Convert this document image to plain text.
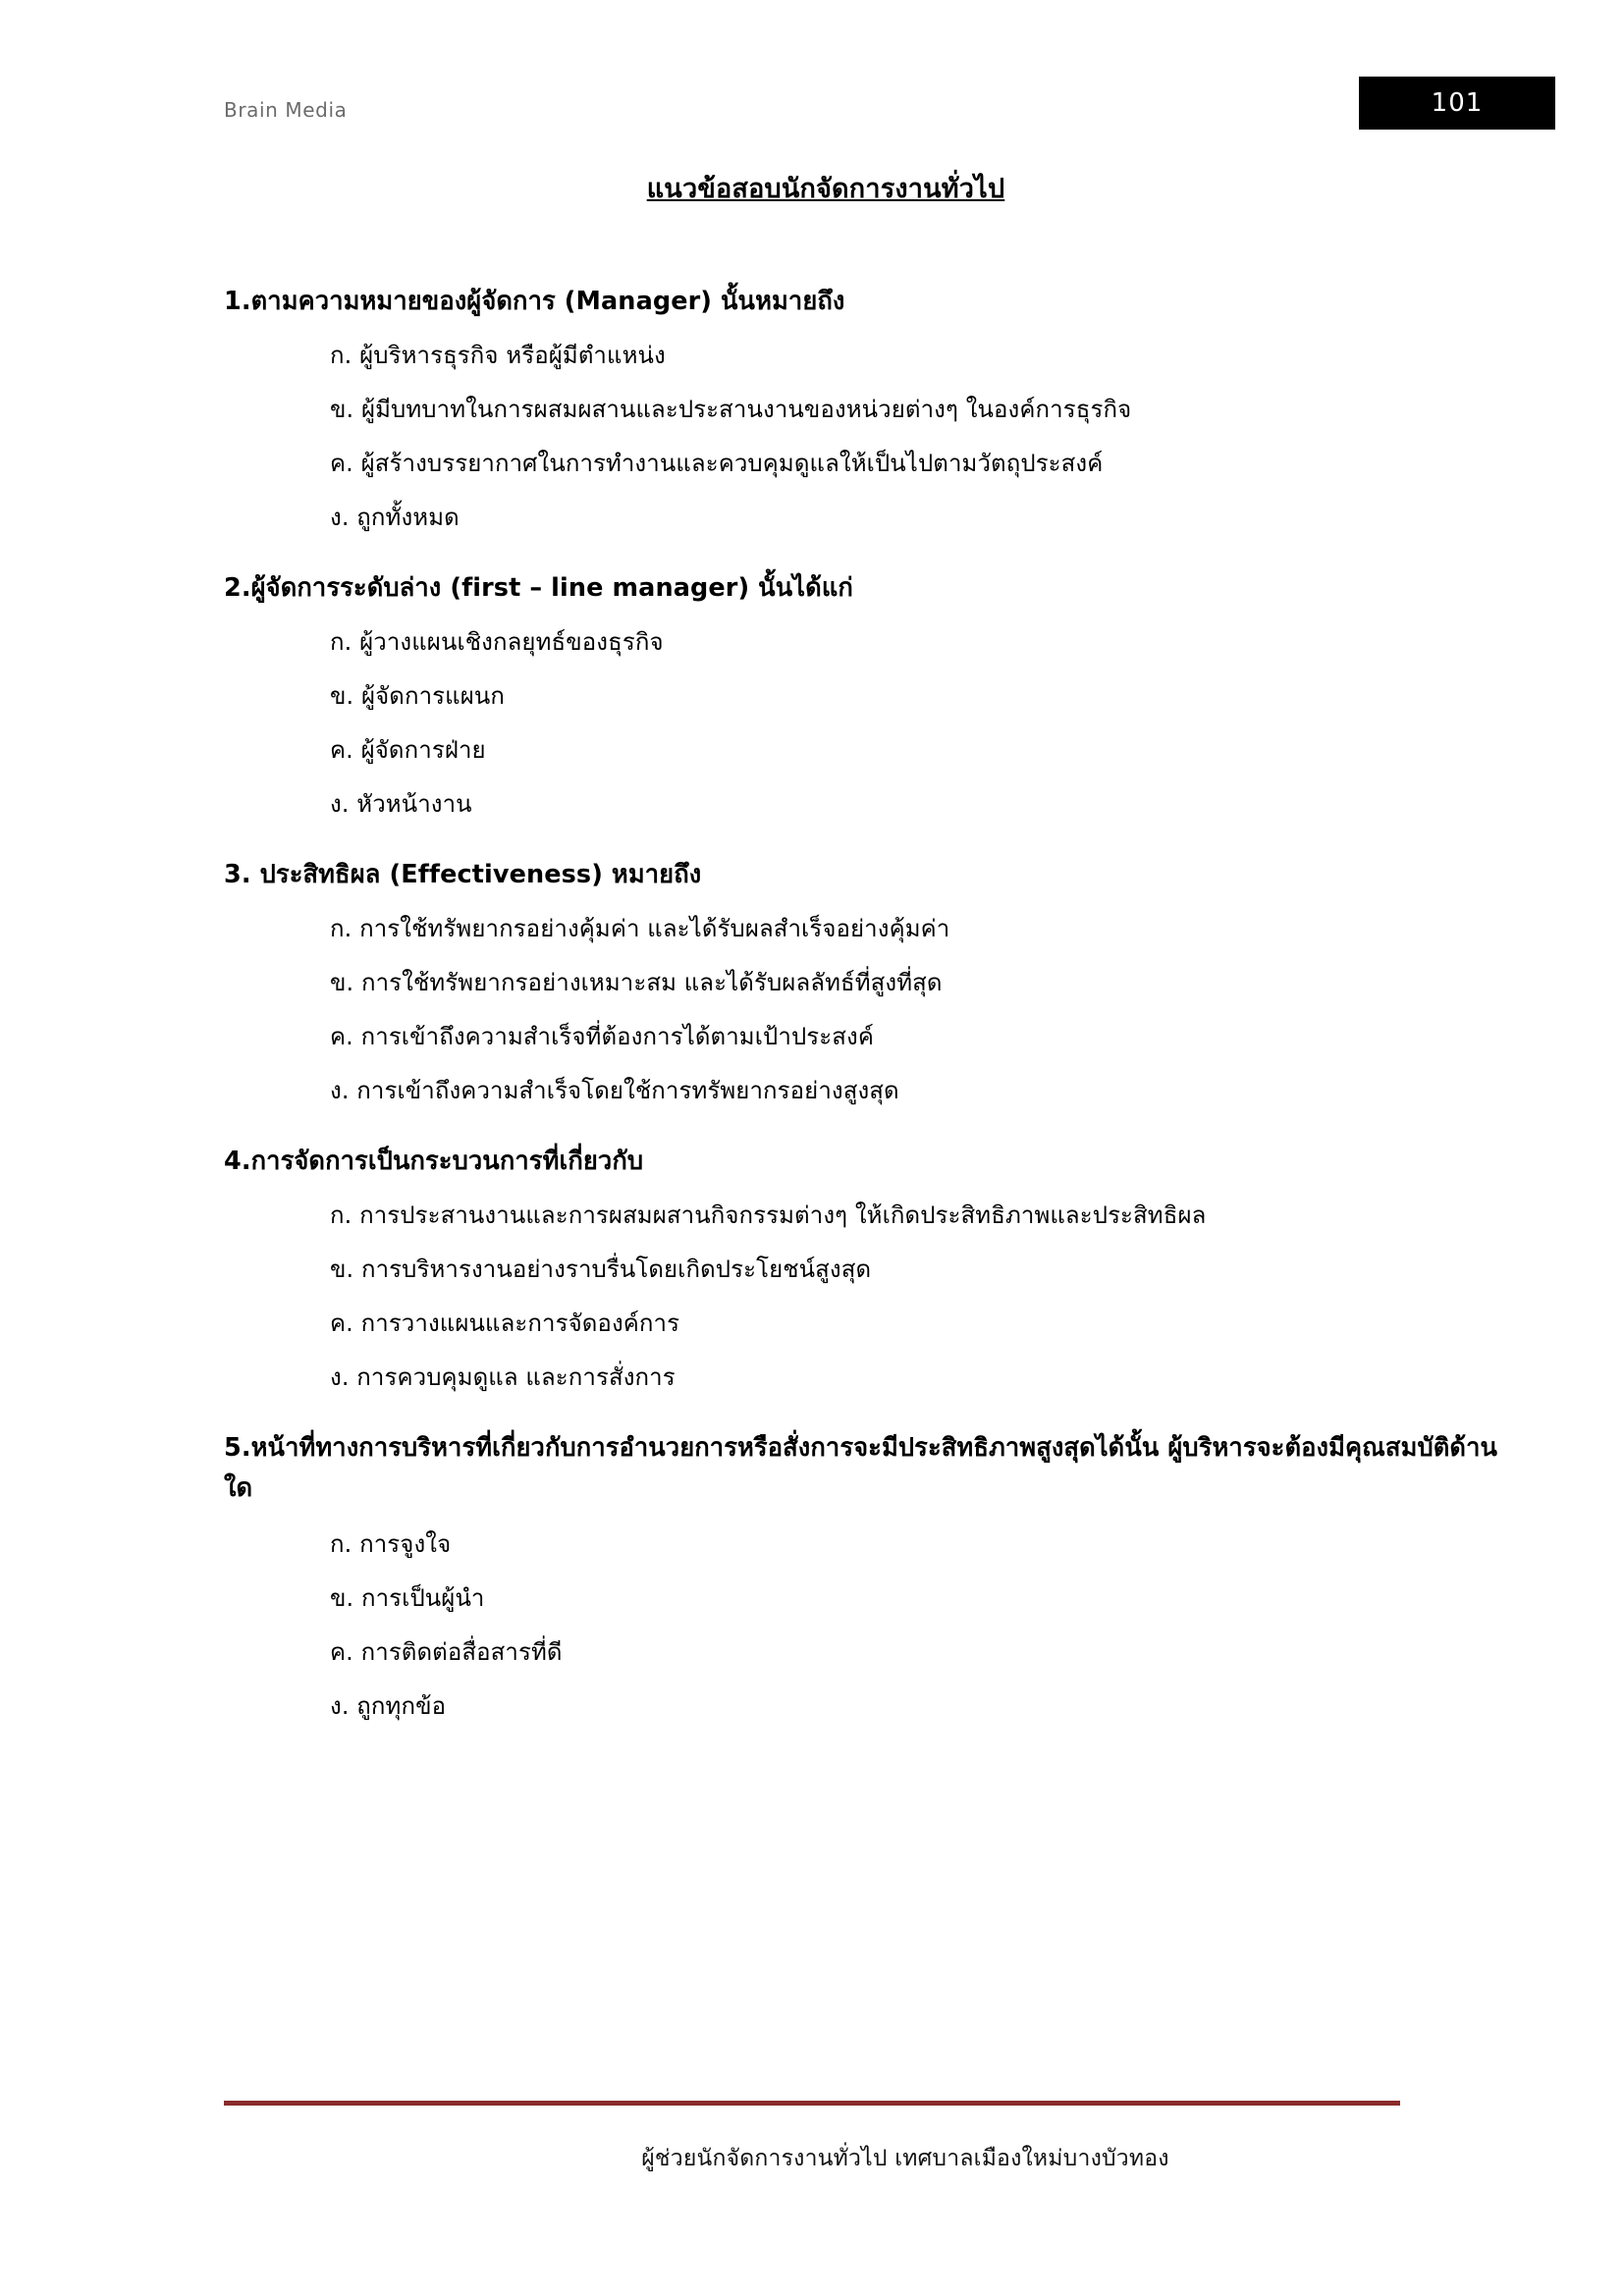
Brain Media	101
แนวข้อสอบนักจัดการงานทั่วไป

1.ตามความหมายของผู้จัดการ (Manager) นั้นหมายถึง

ก. ผู้บริหารธุรกิจ หรือผู้มีตำแหน่ง
ข. ผู้มีบทบาทในการผสมผสานและประสานงานของหน่วยต่างๆ ในองค์การธุรกิจ
ค. ผู้สร้างบรรยากาศในการทำงานและควบคุมดูแลให้เป็นไปตามวัตถุประสงค์
ง. ถูกทั้งหมด

2.ผู้จัดการระดับล่าง (first – line manager) นั้นได้แก่

ก. ผู้วางแผนเชิงกลยุทธ์ของธุรกิจ
ข. ผู้จัดการแผนก
ค. ผู้จัดการฝ่าย
ง. หัวหน้างาน

3. ประสิทธิผล (Effectiveness) หมายถึง

ก. การใช้ทรัพยากรอย่างคุ้มค่า และได้รับผลสำเร็จอย่างคุ้มค่า
ข. การใช้ทรัพยากรอย่างเหมาะสม และได้รับผลลัทธ์ที่สูงที่สุด
ค. การเข้าถึงความสำเร็จที่ต้องการได้ตามเป้าประสงค์
ง. การเข้าถึงความสำเร็จโดยใช้การทรัพยากรอย่างสูงสุด

4.การจัดการเป็นกระบวนการที่เกี่ยวกับ

ก. การประสานงานและการผสมผสานกิจกรรมต่างๆ ให้เกิดประสิทธิภาพและประสิทธิผล
ข. การบริหารงานอย่างราบรื่นโดยเกิดประโยชน์สูงสุด
ค. การวางแผนและการจัดองค์การ
ง. การควบคุมดูแล และการสั่งการ

5.หน้าที่ทางการบริหารที่เกี่ยวกับการอำนวยการหรือสั่งการจะมีประสิทธิภาพสูงสุดได้นั้น ผู้บริหารจะต้องมีคุณสมบัติด้านใด

ก. การจูงใจ
ข. การเป็นผู้นำ
ค. การติดต่อสื่อสารที่ดี
ง. ถูกทุกข้อ
ผู้ช่วยนักจัดการงานทั่วไป เทศบาลเมืองใหม่บางบัวทอง
